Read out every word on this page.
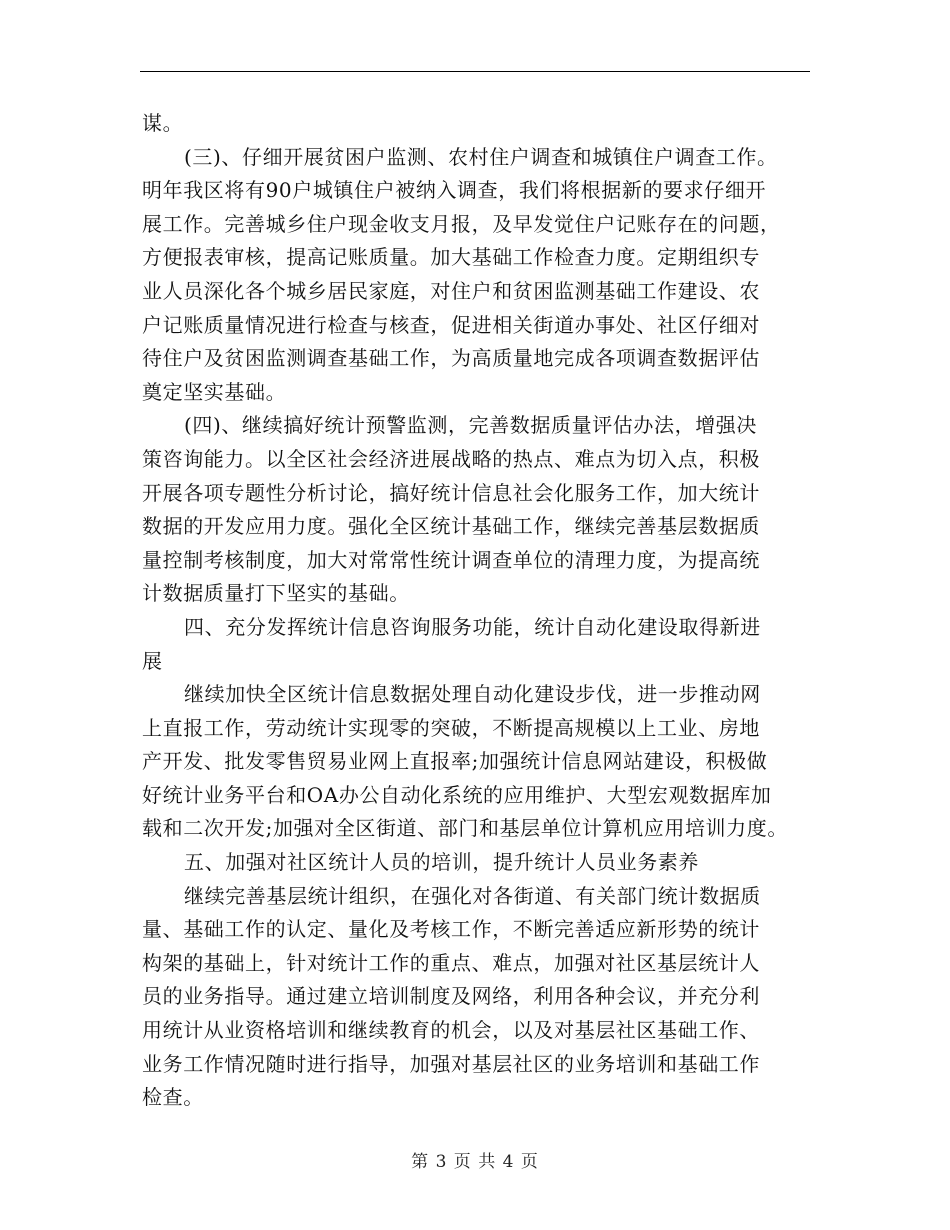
谋。
(三)、仔细开展贫困户监测、农村住户调查和城镇住户调查工作。
明年我区将有90户城镇住户被纳入调查，我们将根据新的要求仔细开
展工作。完善城乡住户现金收支月报，及早发觉住户记账存在的问题，
方便报表审核，提高记账质量。加大基础工作检查力度。定期组织专
业人员深化各个城乡居民家庭，对住户和贫困监测基础工作建设、农
户记账质量情况进行检查与核查，促进相关街道办事处、社区仔细对
待住户及贫困监测调查基础工作，为高质量地完成各项调查数据评估
奠定坚实基础。
(四)、继续搞好统计预警监测，完善数据质量评估办法，增强决
策咨询能力。以全区社会经济进展战略的热点、难点为切入点，积极
开展各项专题性分析讨论，搞好统计信息社会化服务工作，加大统计
数据的开发应用力度。强化全区统计基础工作，继续完善基层数据质
量控制考核制度，加大对常常性统计调查单位的清理力度，为提高统
计数据质量打下坚实的基础。
四、充分发挥统计信息咨询服务功能，统计自动化建设取得新进
展
继续加快全区统计信息数据处理自动化建设步伐，进一步推动网
上直报工作，劳动统计实现零的突破，不断提高规模以上工业、房地
产开发、批发零售贸易业网上直报率;加强统计信息网站建设，积极做
好统计业务平台和OA办公自动化系统的应用维护、大型宏观数据库加
载和二次开发;加强对全区街道、部门和基层单位计算机应用培训力度。
五、加强对社区统计人员的培训，提升统计人员业务素养
继续完善基层统计组织，在强化对各街道、有关部门统计数据质
量、基础工作的认定、量化及考核工作，不断完善适应新形势的统计
构架的基础上，针对统计工作的重点、难点，加强对社区基层统计人
员的业务指导。通过建立培训制度及网络，利用各种会议，并充分利
用统计从业资格培训和继续教育的机会，以及对基层社区基础工作、
业务工作情况随时进行指导，加强对基层社区的业务培训和基础工作
检查。
第 3 页 共 4 页
